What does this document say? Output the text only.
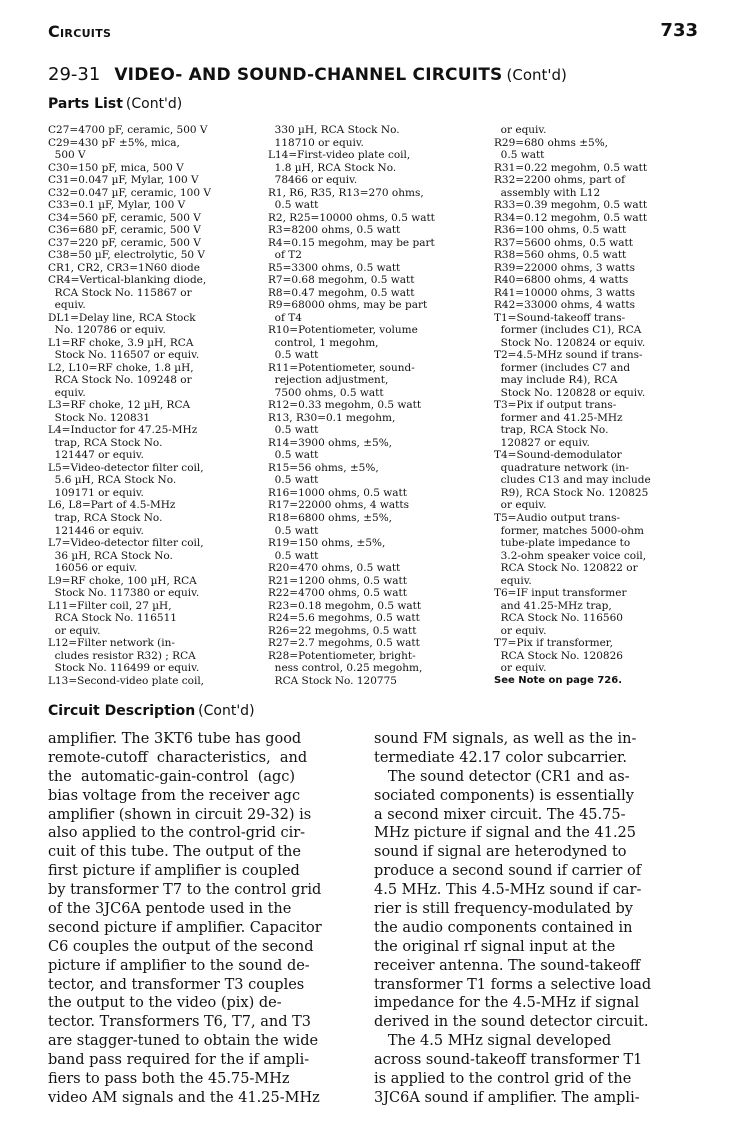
Circuits	733
29-31 VIDEO- AND SOUND-CHANNEL CIRCUITS (Cont'd)
Parts List (Cont'd)
C27=4700 pF, ceramic, 500 V
C29=430 pF ±5%, mica,
500 V
C30=150 pF, mica, 500 V
C31=0.047 µF, Mylar, 100 V
C32=0.047 µF, ceramic, 100 V
C33=0.1 µF, Mylar, 100 V
C34=560 pF, ceramic, 500 V
C36=680 pF, ceramic, 500 V
C37=220 pF, ceramic, 500 V
C38=50 µF, electrolytic, 50 V
CR1, CR2, CR3=1N60 diode
CR4=Vertical-blanking diode,
RCA Stock No. 115867 or
equiv.
DL1=Delay line, RCA Stock
No. 120786 or equiv.
L1=RF choke, 3.9 µH, RCA
Stock No. 116507 or equiv.
L2, L10=RF choke, 1.8 µH,
RCA Stock No. 109248 or
equiv.
L3=RF choke, 12 µH, RCA
Stock No. 120831
L4=Inductor for 47.25-MHz
trap, RCA Stock No.
121447 or equiv.
L5=Video-detector filter coil,
5.6 µH, RCA Stock No.
109171 or equiv.
L6, L8=Part of 4.5-MHz
trap, RCA Stock No.
121446 or equiv.
L7=Video-detector filter coil,
36 µH, RCA Stock No.
16056 or equiv.
L9=RF choke, 100 µH, RCA
Stock No. 117380 or equiv.
L11=Filter coil, 27 µH,
RCA Stock No. 116511
or equiv.
L12=Filter network (in-
cludes resistor R32) ; RCA
Stock No. 116499 or equiv.
L13=Second-video plate coil,
330 µH, RCA Stock No.
118710 or equiv.
L14=First-video plate coil,
1.8 µH, RCA Stock No.
78466 or equiv.
R1, R6, R35, R13=270 ohms,
0.5 watt
R2, R25=10000 ohms, 0.5 watt
R3=8200 ohms, 0.5 watt
R4=0.15 megohm, may be part
of T2
R5=3300 ohms, 0.5 watt
R7=0.68 megohm, 0.5 watt
R8=0.47 megohm, 0.5 watt
R9=68000 ohms, may be part
of T4
R10=Potentiometer, volume
control, 1 megohm,
0.5 watt
R11=Potentiometer, sound-
rejection adjustment,
7500 ohms, 0.5 watt
R12=0.33 megohm, 0.5 watt
R13, R30=0.1 megohm,
0.5 watt
R14=3900 ohms, ±5%,
0.5 watt
R15=56 ohms, ±5%,
0.5 watt
R16=1000 ohms, 0.5 watt
R17=22000 ohms, 4 watts
R18=6800 ohms, ±5%,
0.5 watt
R19=150 ohms, ±5%,
0.5 watt
R20=470 ohms, 0.5 watt
R21=1200 ohms, 0.5 watt
R22=4700 ohms, 0.5 watt
R23=0.18 megohm, 0.5 watt
R24=5.6 megohms, 0.5 watt
R26=22 megohms, 0.5 watt
R27=2.7 megohms, 0.5 watt
R28=Potentiometer, bright-
ness control, 0.25 megohm,
RCA Stock No. 120775
or equiv.
R29=680 ohms ±5%,
0.5 watt
R31=0.22 megohm, 0.5 watt
R32=2200 ohms, part of
assembly with L12
R33=0.39 megohm, 0.5 watt
R34=0.12 megohm, 0.5 watt
R36=100 ohms, 0.5 watt
R37=5600 ohms, 0.5 watt
R38=560 ohms, 0.5 watt
R39=22000 ohms, 3 watts
R40=6800 ohms, 4 watts
R41=10000 ohms, 3 watts
R42=33000 ohms, 4 watts
T1=Sound-takeoff trans-
former (includes C1), RCA
Stock No. 120824 or equiv.
T2=4.5-MHz sound if trans-
former (includes C7 and
may include R4), RCA
Stock No. 120828 or equiv.
T3=Pix if output trans-
former and 41.25-MHz
trap, RCA Stock No.
120827 or equiv.
T4=Sound-demodulator
quadrature network (in-
cludes C13 and may include
R9), RCA Stock No. 120825
or equiv.
T5=Audio output trans-
former, matches 5000-ohm
tube-plate impedance to
3.2-ohm speaker voice coil,
RCA Stock No. 120822 or
equiv.
T6=IF input transformer
and 41.25-MHz trap,
RCA Stock No. 116560
or equiv.
T7=Pix if transformer,
RCA Stock No. 120826
or equiv.
See Note on page 726.
Circuit Description (Cont'd)
amplifier. The 3KT6 tube has good
remote-cutoff  characteristics,  and
the  automatic-gain-control  (agc)
bias voltage from the receiver agc
amplifier (shown in circuit 29-32) is
also applied to the control-grid cir-
cuit of this tube. The output of the
first picture if amplifier is coupled
by transformer T7 to the control grid
of the 3JC6A pentode used in the
second picture if amplifier. Capacitor
C6 couples the output of the second
picture if amplifier to the sound de-
tector, and transformer T3 couples
the output to the video (pix) de-
tector. Transformers T6, T7, and T3
are stagger-tuned to obtain the wide
band pass required for the if ampli-
fiers to pass both the 45.75-MHz
video AM signals and the 41.25-MHz
sound FM signals, as well as the in-
termediate 42.17 color subcarrier.
The sound detector (CR1 and as-
sociated components) is essentially
a second mixer circuit. The 45.75-
MHz picture if signal and the 41.25
sound if signal are heterodyned to
produce a second sound if carrier of
4.5 MHz. This 4.5-MHz sound if car-
rier is still frequency-modulated by
the audio components contained in
the original rf signal input at the
receiver antenna. The sound-takeoff
transformer T1 forms a selective load
impedance for the 4.5-MHz if signal
derived in the sound detector circuit.
The 4.5 MHz signal developed
across sound-takeoff transformer T1
is applied to the control grid of the
3JC6A sound if amplifier. The ampli-
